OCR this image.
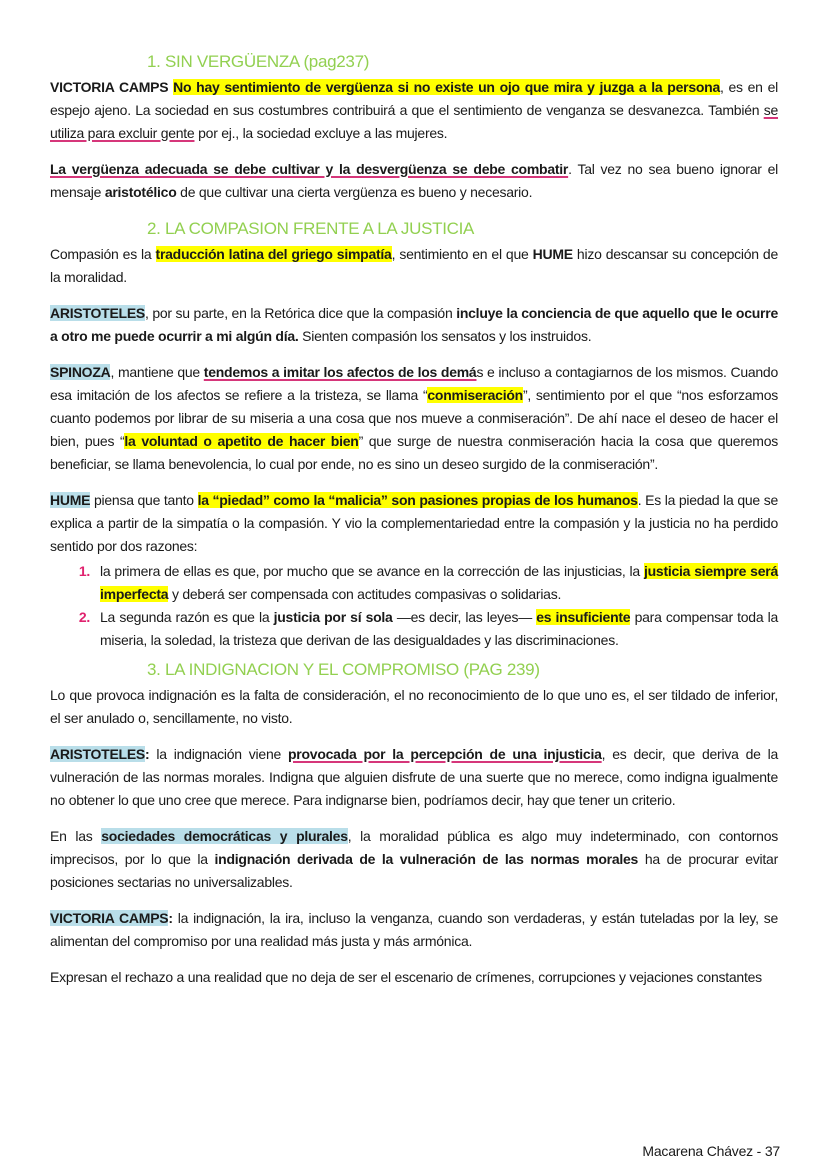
1. SIN VERGÜENZA (pag237)
VICTORIA CAMPS No hay sentimiento de vergüenza si no existe un ojo que mira y juzga a la persona, es en el espejo ajeno. La sociedad en sus costumbres contribuirá a que el sentimiento de venganza se desvanezca. También se utiliza para excluir gente por ej., la sociedad excluye a las mujeres.
La vergüenza adecuada se debe cultivar y la desvergüenza se debe combatir. Tal vez no sea bueno ignorar el mensaje aristotélico de que cultivar una cierta vergüenza es bueno y necesario.
2. LA COMPASION FRENTE A LA JUSTICIA
Compasión es la traducción latina del griego simpatía, sentimiento en el que HUME hizo descansar su concepción de la moralidad.
ARISTOTELES, por su parte, en la Retórica dice que la compasión incluye la conciencia de que aquello que le ocurre a otro me puede ocurrir a mi algún día. Sienten compasión los sensatos y los instruidos.
SPINOZA, mantiene que tendemos a imitar los afectos de los demás e incluso a contagiarnos de los mismos. Cuando esa imitación de los afectos se refiere a la tristeza, se llama “conmiseración”, sentimiento por el que “nos esforzamos cuanto podemos por librar de su miseria a una cosa que nos mueve a conmiseración”. De ahí nace el deseo de hacer el bien, pues “la voluntad o apetito de hacer bien” que surge de nuestra conmiseración hacia la cosa que queremos beneficiar, se llama benevolencia, lo cual por ende, no es sino un deseo surgido de la conmiseración”.
HUME piensa que tanto la “piedad” como la “malicia” son pasiones propias de los humanos. Es la piedad la que se explica a partir de la simpatía o la compasión. Y vio la complementariedad entre la compasión y la justicia no ha perdido sentido por dos razones:
1. la primera de ellas es que, por mucho que se avance en la corrección de las injusticias, la justicia siempre será imperfecta y deberá ser compensada con actitudes compasivas o solidarias.
2. La segunda razón es que la justicia por sí sola —es decir, las leyes— es insuficiente para compensar toda la miseria, la soledad, la tristeza que derivan de las desigualdades y las discriminaciones.
3. LA INDIGNACION Y EL COMPROMISO (PAG 239)
Lo que provoca indignación es la falta de consideración, el no reconocimiento de lo que uno es, el ser tildado de inferior, el ser anulado o, sencillamente, no visto.
ARISTOTELES: la indignación viene provocada por la percepción de una injusticia, es decir, que deriva de la vulneración de las normas morales. Indigna que alguien disfrute de una suerte que no merece, como indigna igualmente no obtener lo que uno cree que merece. Para indignarse bien, podríamos decir, hay que tener un criterio.
En las sociedades democráticas y plurales, la moralidad pública es algo muy indeterminado, con contornos imprecisos, por lo que la indignación derivada de la vulneración de las normas morales ha de procurar evitar posiciones sectarias no universalizables.
VICTORIA CAMPS: la indignación, la ira, incluso la venganza, cuando son verdaderas, y están tuteladas por la ley, se alimentan del compromiso por una realidad más justa y más armónica.
Expresan el rechazo a una realidad que no deja de ser el escenario de crímenes, corrupciones y vejaciones constantes
Macarena Chávez - 37
